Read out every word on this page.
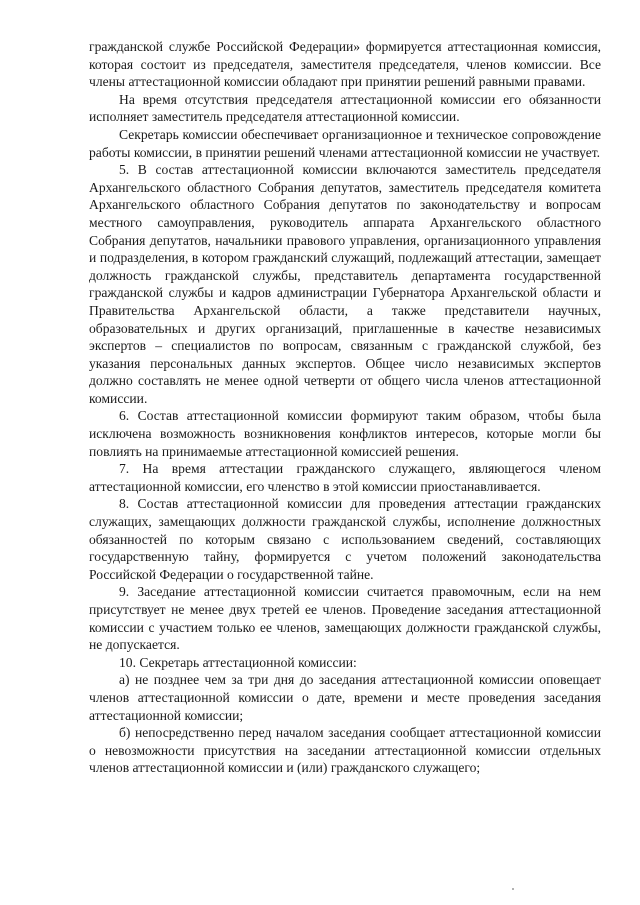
гражданской службе Российской Федерации» формируется аттестационная комиссия, которая состоит из председателя, заместителя председателя, членов комиссии. Все члены аттестационной комиссии обладают при принятии решений равными правами.

На время отсутствия председателя аттестационной комиссии его обязанности исполняет заместитель председателя аттестационной комиссии.

Секретарь комиссии обеспечивает организационное и техническое сопровождение работы комиссии, в принятии решений членами аттестационной комиссии не участвует.

5. В состав аттестационной комиссии включаются заместитель председателя Архангельского областного Собрания депутатов, заместитель председателя комитета Архангельского областного Собрания депутатов по законодательству и вопросам местного самоуправления, руководитель аппарата Архангельского областного Собрания депутатов, начальники правового управления, организационного управления и подразделения, в котором гражданский служащий, подлежащий аттестации, замещает должность гражданской службы, представитель департамента государственной гражданской службы и кадров администрации Губернатора Архангельской области и Правительства Архангельской области, а также представители научных, образовательных и других организаций, приглашенные в качестве независимых экспертов – специалистов по вопросам, связанным с гражданской службой, без указания персональных данных экспертов. Общее число независимых экспертов должно составлять не менее одной четверти от общего числа членов аттестационной комиссии.

6. Состав аттестационной комиссии формируют таким образом, чтобы была исключена возможность возникновения конфликтов интересов, которые могли бы повлиять на принимаемые аттестационной комиссией решения.

7. На время аттестации гражданского служащего, являющегося членом аттестационной комиссии, его членство в этой комиссии приостанавливается.

8. Состав аттестационной комиссии для проведения аттестации гражданских служащих, замещающих должности гражданской службы, исполнение должностных обязанностей по которым связано с использованием сведений, составляющих государственную тайну, формируется с учетом положений законодательства Российской Федерации о государственной тайне.

9. Заседание аттестационной комиссии считается правомочным, если на нем присутствует не менее двух третей ее членов. Проведение заседания аттестационной комиссии с участием только ее членов, замещающих должности гражданской службы, не допускается.

10. Секретарь аттестационной комиссии:

а) не позднее чем за три дня до заседания аттестационной комиссии оповещает членов аттестационной комиссии о дате, времени и месте проведения заседания аттестационной комиссии;

б) непосредственно перед началом заседания сообщает аттестационной комиссии о невозможности присутствия на заседании аттестационной комиссии отдельных членов аттестационной комиссии и (или) гражданского служащего;
